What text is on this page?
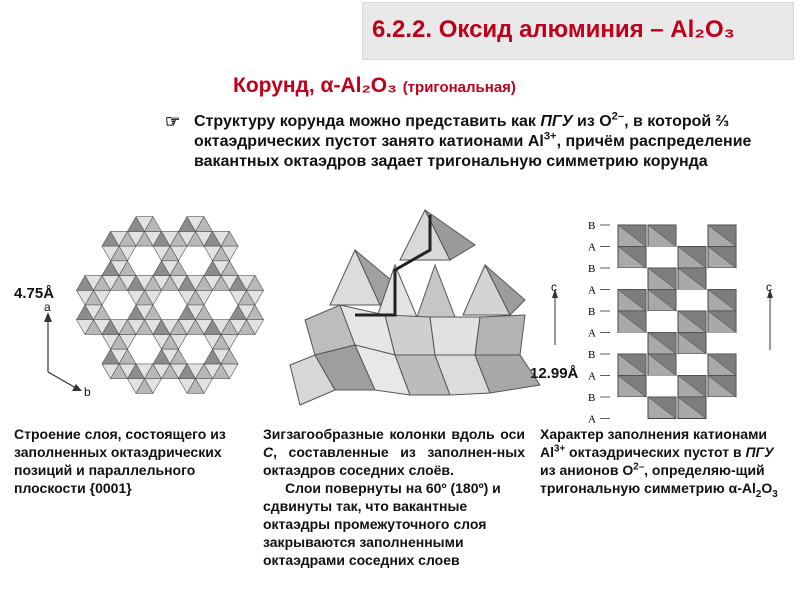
6.2.2. Оксид алюминия – Al₂O₃
Корунд, α-Al₂O₃ (тригональная)
☞ Структуру корунда можно представить как ПГУ из $O^{2-}$, в которой ⅔ октаэдрических пустот занято катионами $Al^{3+}$, причём распределение вакантных октаэдров задает тригональную симметрию корунда
4.75Å
a
b
12.99Å
B
A
B
A
B
A
B
A
B
A
c	c
Строение слоя, состоящего из заполненных октаэдрических позиций и параллельного плоскости {0001}
Зигзагообразные колонки вдоль оси C, составленные из заполнен-ных октаэдров соседних слоёв.
Слои повернуты на 60º (180º) и сдвинуты так, что вакантные октаэдры промежуточного слоя закрываются заполненными октаэдрами соседних слоев
Характер заполнения катионами $Al^{3+}$ октаэдрических пустот в ПГУ из анионов $O^{2-}$, определяю-щий тригональную симметрию $\alpha-Al_2O_3$
